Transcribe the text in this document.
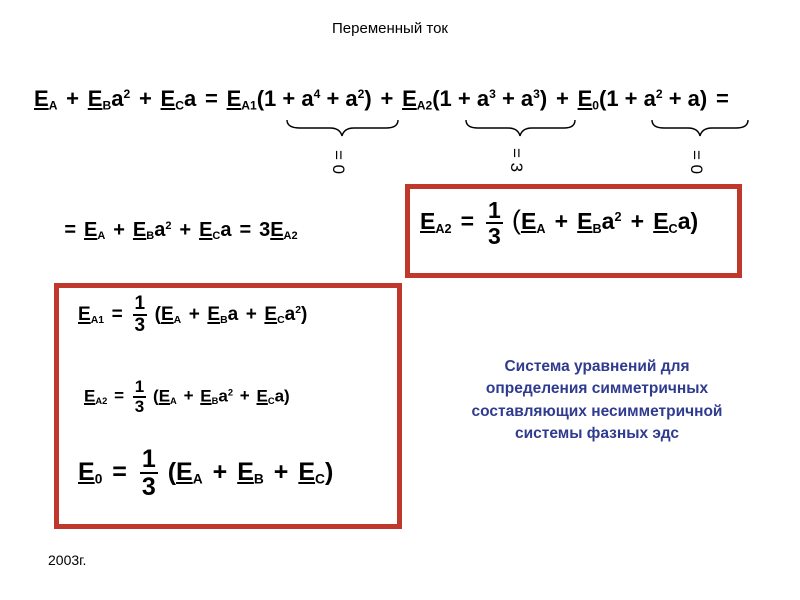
Переменный ток
EA + EBa$^2$ + ECa = $EA1(1 + a^4 + a^2) + EA2(1 + a^3 + a^3) + E0(1 + a^2 + a)$ =
= 0	= 3	= 0
= EA + EBa$^2$ + ECa = 3EA2
$EA2 = \frac{1}{3} (EA + EBa^2 + ECa)$
$EA1 = \frac{1}{3} (EA$ + EBa + ECa$^2$)
$EA2 = \frac{1}{3} (EA + EBa^2 + ECa)$
$E0 = \frac{1}{3} (EA$ + EB + EC)
Система уравнений для определения симметричных составляющих несимметричной системы фазных эдс
2003г.
